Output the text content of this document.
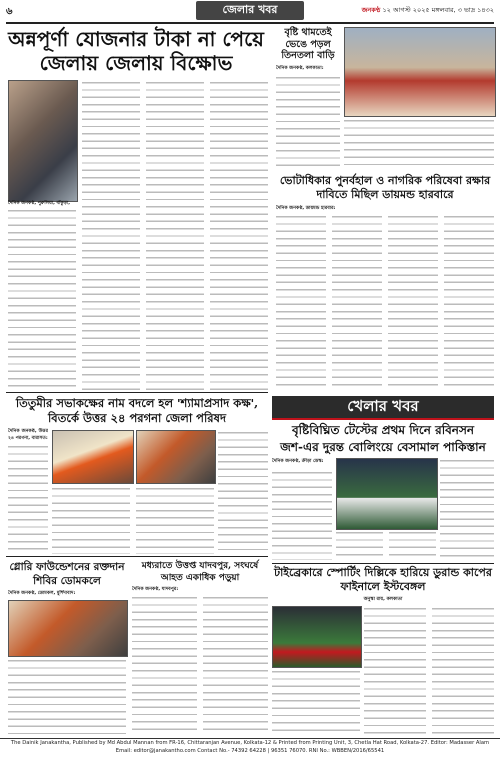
৬	জেলার খবর	জনকণ্ঠ ১২ আগস্ট ২০২৫ মঙ্গলবার, ৩ ভাদ্র ১৪৩২
অন্নপূর্ণা যোজনার টাকা না পেয়ে জেলায় জেলায় বিক্ষোভ

দৈনিক জনকণ্ঠ, পুরুলিয়া, বাঁকুড়া,

বৃষ্টি থামতেই ভেঙে পড়ল তিনতলা বাড়ি

দৈনিক জনকণ্ঠ, কলকাতা:

ভোটাধিকার পুনর্বহাল ও নাগরিক পরিষেবা রক্ষার দাবিতে মিছিল ডায়মন্ড হারবারে

দৈনিক জনকণ্ঠ, ডায়মন্ড হারবার:

তিতুমীর সভাকক্ষের নাম বদলে হল 'শ্যামাপ্রসাদ কক্ষ', বিতর্কে উত্তর ২৪ পরগনা জেলা পরিষদ

দৈনিক জনকণ্ঠ, উত্তর ২৪ পরগনা, বারাসত:

গ্লোরি ফাউন্ডেশনের রক্তদান শিবির ডোমকলে

দৈনিক জনকণ্ঠ, ডোমকল, মুর্শিদাবাদ:

মধ্যরাতে উত্তপ্ত যাদবপুর, সংঘর্ষে আহত একাধিক পড়ুয়া

দৈনিক জনকণ্ঠ, যাদবপুর:

খেলার খবর
বৃষ্টিবিঘ্নিত টেস্টের প্রথম দিনে রবিনসন
জশ-এর দুরন্ত বোলিংয়ে বেসামাল পাকিস্তান

দৈনিক জনকণ্ঠ, ক্রীড়া ডেস্ক:

টাইব্রেকারে স্পোর্টিং দিল্লিকে হারিয়ে ডুরান্ড কাপের ফাইনালে ইস্টবেঙ্গল

অনুস্কা রায়, কলকাতা

The Dainik Janakantha, Published by Md Abdul Mannan from FR-16, Chittaranjan Avenue, Kolkata-12 & Printed from Printing Unit, 3, Chetla Hat Road, Kolkata-27. Editor: Madasser Alam
Email: editor@janakantho.com Contact No.- 74392 64228 | 96351 76070. RNI No.: WBBEN/2016/65541
